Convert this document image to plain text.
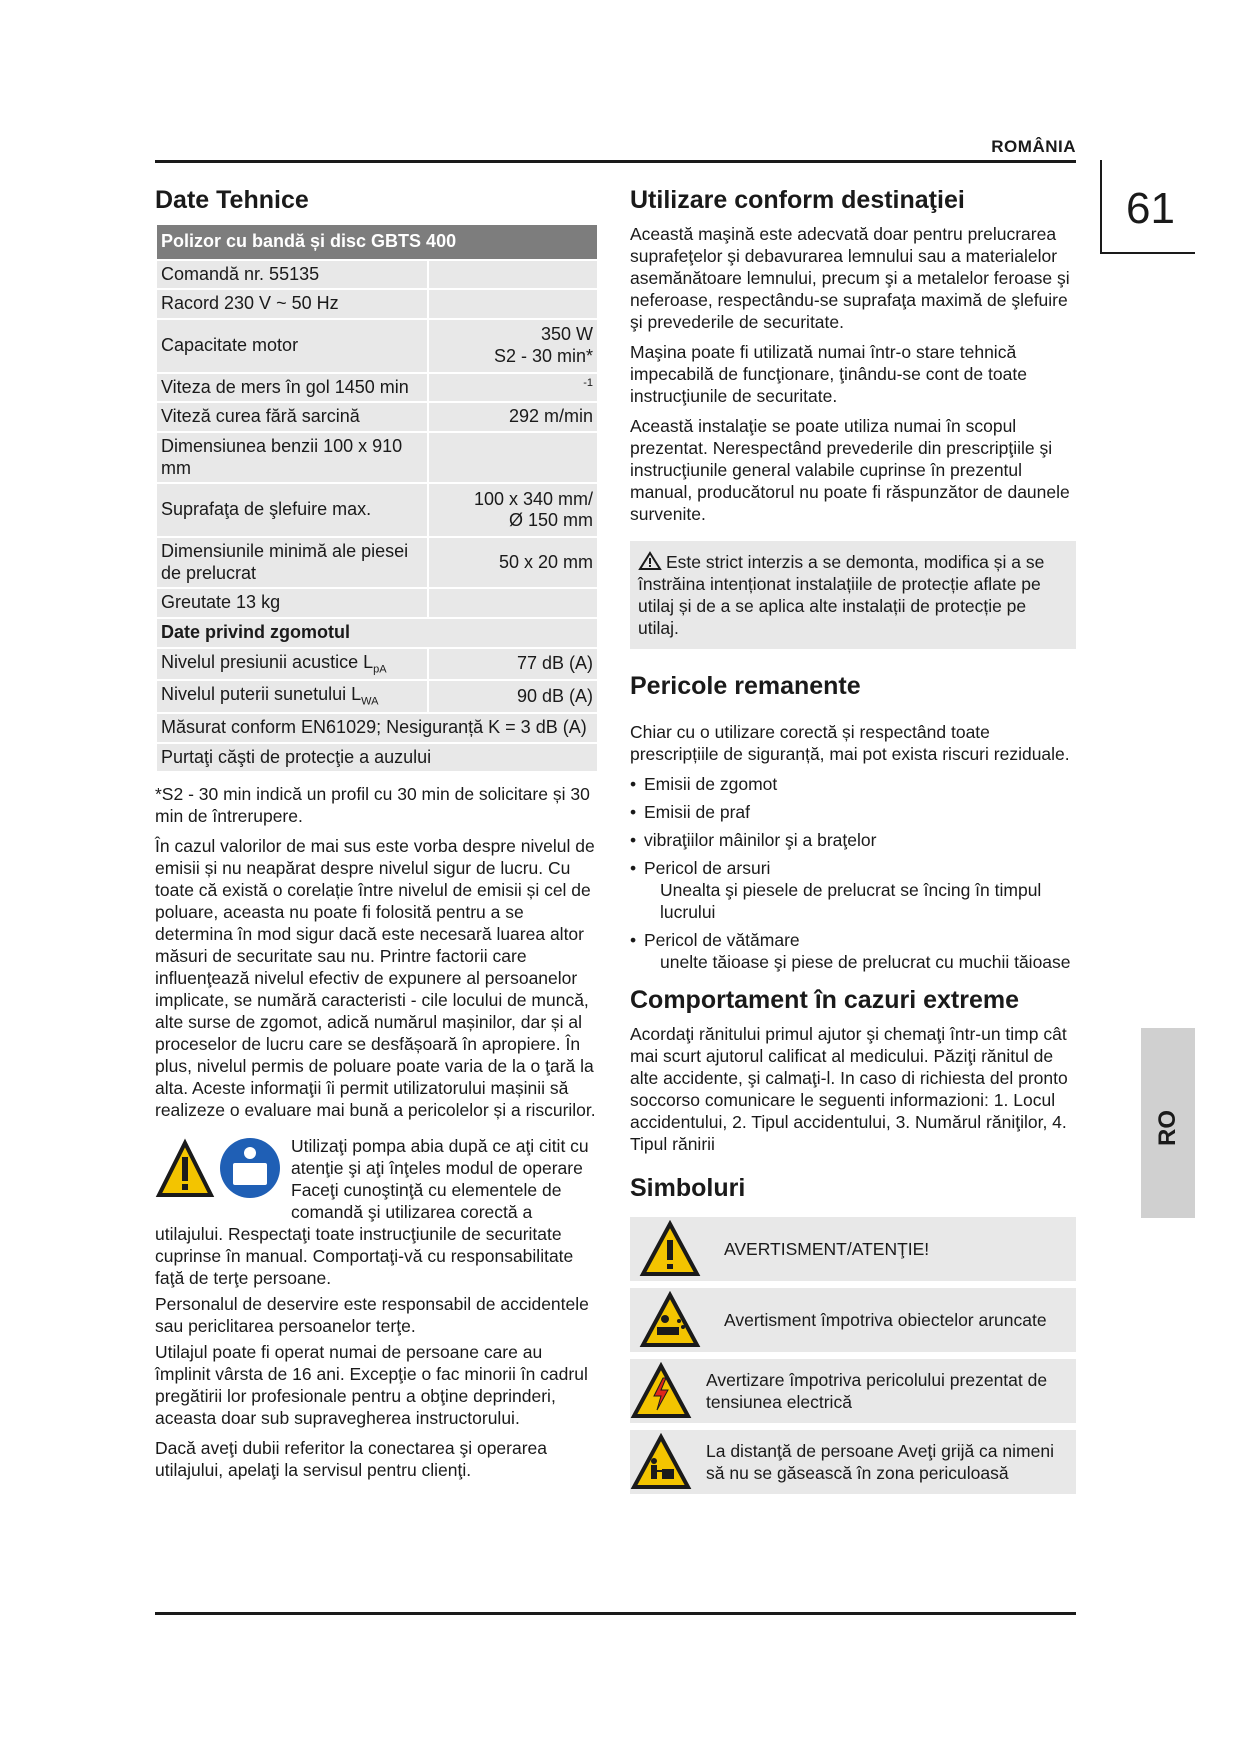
ROMÂNIA
61
RO
Date Tehnice
Polizor cu bandă și disc GBTS 400	
Comandă nr. 55135	
Racord 230 V ~ 50 Hz	
Capacitate motor	350 W
S2 - 30 min*

Viteza de mers în gol 1450 min	-1
Viteză curea fără sarcină	292 m/min
Dimensiunea benzii 100 x 910 mm	
Suprafaţa de şlefuire max.	100 x 340 mm/
Ø 150 mm

Dimensiunile minimă ale piesei de prelucrat	50 x 20 mm
Greutate 13 kg	
Date privind zgomotul	
Nivelul presiunii acustice $L_{pA}$	77 dB (A)
Nivelul puterii sunetului $L_{WA}$	90 dB (A)
Măsurat conform EN61029; Nesiguranță K = 3 dB (A)	
Purtaţi căşti de protecţie a auzului	

*S2 - 30 min indică un profil cu 30 min de solicitare și 30 min de întrerupere.

În cazul valorilor de mai sus este vorba despre nivelul de emisii și nu neapărat despre nivelul sigur de lucru. Cu toate că există o corelație între nivelul de emisii și cel de poluare, aceasta nu poate fi folosită pentru a se determina în mod sigur dacă este necesară luarea altor măsuri de securitate sau nu. Printre factorii care influenţează nivelul efectiv de expunere al persoanelor implicate, se numără caracteristi - cile locului de muncă, alte surse de zgomot, adică numărul mașinilor, dar și al proceselor de lucru care se desfășoară în apropiere. În plus, nivelul permis de poluare poate varia de la o ţară la alta. Aceste informaţii îi permit utilizatorului mașinii să realizeze o evaluare mai bună a pericolelor și a riscurilor.

Utilizaţi pompa abia după ce aţi citit cu atenţie şi aţi înţeles modul de operare Faceţi cunoştinţă cu elementele de comandă şi utilizarea corectă a utilajului. Respectaţi toate instrucţiunile de securitate cuprinse în manual. Comportaţi-vă cu responsabilitate faţă de terţe persoane.

Personalul de deservire este responsabil de accidentele sau periclitarea persoanelor terţe.

Utilajul poate fi operat numai de persoane care au împlinit vârsta de 16 ani. Excepţie o fac minorii în cadrul pregătirii lor profesionale pentru a obţine deprinderi, aceasta doar sub supravegherea instructorului.

Dacă aveţi dubii referitor la conectarea şi operarea utilajului, apelaţi la servisul pentru clienţi.

Utilizare conform destinaţiei

Această maşină este adecvată doar pentru prelucrarea suprafeţelor şi debavurarea lemnului sau a materialelor asemănătoare lemnului, precum şi a metalelor feroase şi neferoase, respectându-se suprafaţa maximă de şlefuire şi prevederile de securitate.

Maşina poate fi utilizată numai într-o stare tehnică impecabilă de funcţionare, ţinându-se cont de toate instrucţiunile de securitate.

Această instalaţie se poate utiliza numai în scopul prezentat. Nerespectând prevederile din prescripţiile şi instrucţiunile general valabile cuprinse în prezentul manual, producătorul nu poate fi răspunzător de daunele survenite.

Este strict interzis a se demonta, modifica și a se înstrăina intenționat instalațiile de protecție aflate pe utilaj și de a se aplica alte instalații de protecție pe utilaj.
Pericole remanente

Chiar cu o utilizare corectă și respectând toate prescripțiile de siguranță, mai pot exista riscuri reziduale.

• Emisii de zgomot
• Emisii de praf
• vibraţiilor mâinilor şi a braţelor
• Pericol de arsuri
Unealta şi piesele de prelucrat se încing în timpul lucrului
• Pericol de vătămare
unelte tăioase şi piese de prelucrat cu muchii tăioase
Comportament în cazuri extreme

Acordaţi rănitului primul ajutor şi chemaţi într-un timp cât mai scurt ajutorul calificat al medicului. Păziţi rănitul de alte accidente, şi calmaţi-l. In caso di richiesta del pronto soccorso comunicare le seguenti informazioni: 1. Locul accidentului, 2. Tipul accidentului, 3. Numărul răniţilor, 4. Tipul rănirii

Simboluri
AVERTISMENT/ATENŢIE!
Avertisment împotriva obiectelor aruncate
Avertizare împotriva pericolului prezentat de tensiunea electrică
La distanţă de persoane Aveţi grijă ca nimeni să nu se găsească în zona periculoasă
